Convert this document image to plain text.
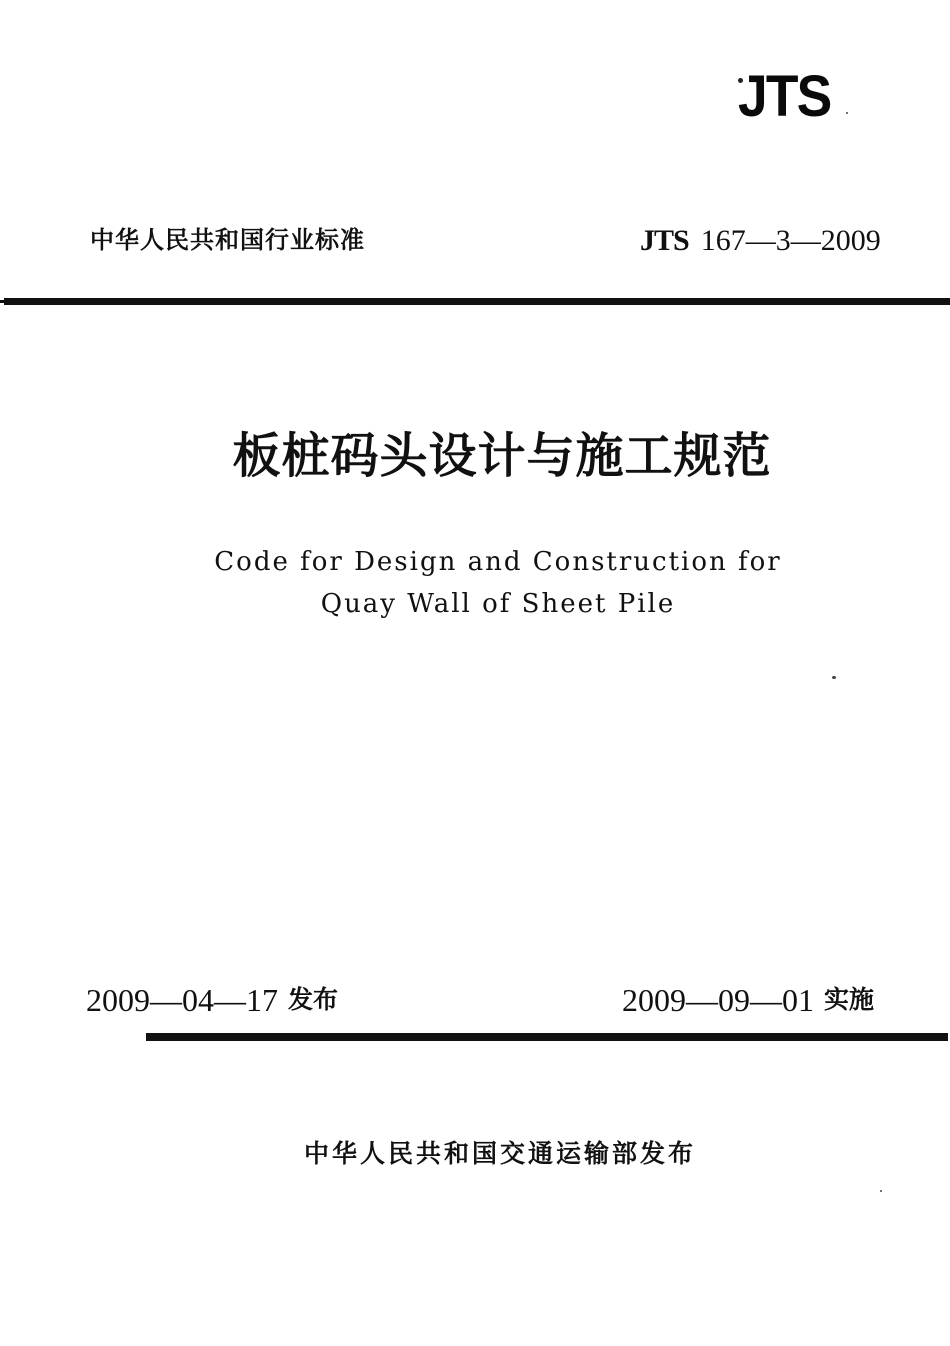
JTS
中华人民共和国行业标准	JTS 167—3—2009
板桩码头设计与施工规范
Code for Design and Construction for
Quay Wall of Sheet Pile
2009—04—17 发布	2009—09—01 实施
中华人民共和国交通运输部发布
